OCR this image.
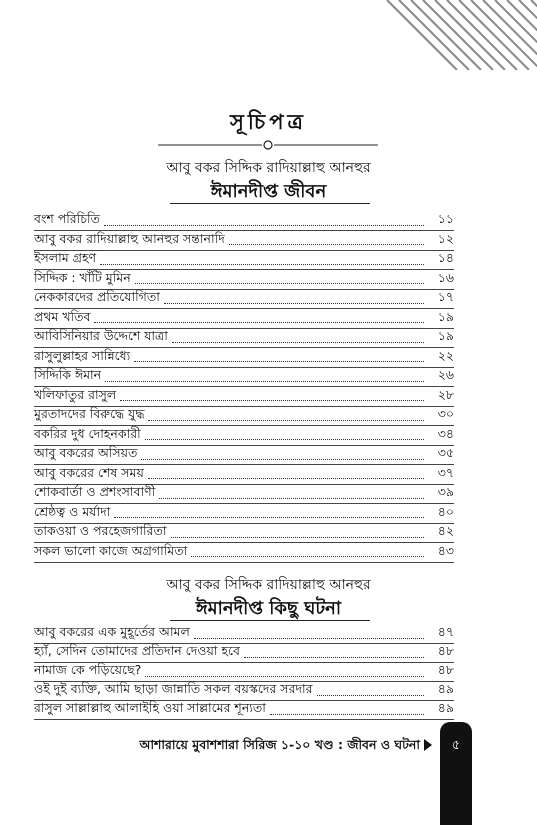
সূচিপত্র
আবু বকর সিদ্দিক রাদিয়াল্লাহু আনহুর
ঈমানদীপ্ত জীবন
বংশ পরিচিতি	১১
আবু বকর রাদিয়াল্লাহু আনহুর সন্তানাদি	১২
ইসলাম গ্রহণ	১৪
সিদ্দিক : খাঁটি মুমিন	১৬
নেককারদের প্রতিযোগিতা	১৭
প্রথম খতিব	১৯
আবিসিনিয়ার উদ্দেশে যাত্রা	১৯
রাসুলুল্লাহর সান্নিধ্যে	২২
সিদ্দিকি ঈমান	২৬
খলিফাতুর রাসুল	২৮
মুরতাদদের বিরুদ্ধে যুদ্ধ	৩০
বকরির দুধ দোহনকারী	৩৪
আবু বকরের অসিয়ত	৩৫
আবু বকরের শেষ সময়	৩৭
শোকবার্তা ও প্রশংসাবাণী	৩৯
শ্রেষ্ঠত্ব ও মর্যাদা	৪০
তাকওয়া ও পরহেজগারিতা	৪২
সকল ভালো কাজে অগ্রগামিতা	৪৩
আবু বকর সিদ্দিক রাদিয়াল্লাহু আনহুর
ঈমানদীপ্ত কিছু ঘটনা
আবু বকরের এক মুহূর্তের আমল	৪৭
হ্যাঁ, সেদিন তোমাদের প্রতিদান দেওয়া হবে	৪৮
নামাজ কে পড়িয়েছে?	৪৮
ওই দুই ব্যক্তি, আমি ছাড়া জান্নাতি সকল বয়স্কদের সরদার	৪৯
রাসুল সাল্লাল্লাহু আলাইহি ওয়া সাল্লামের শূন্যতা	৪৯
আশারায়ে মুবাশশারা সিরিজ ১-১০ খণ্ড : জীবন ও ঘটনা	৫
